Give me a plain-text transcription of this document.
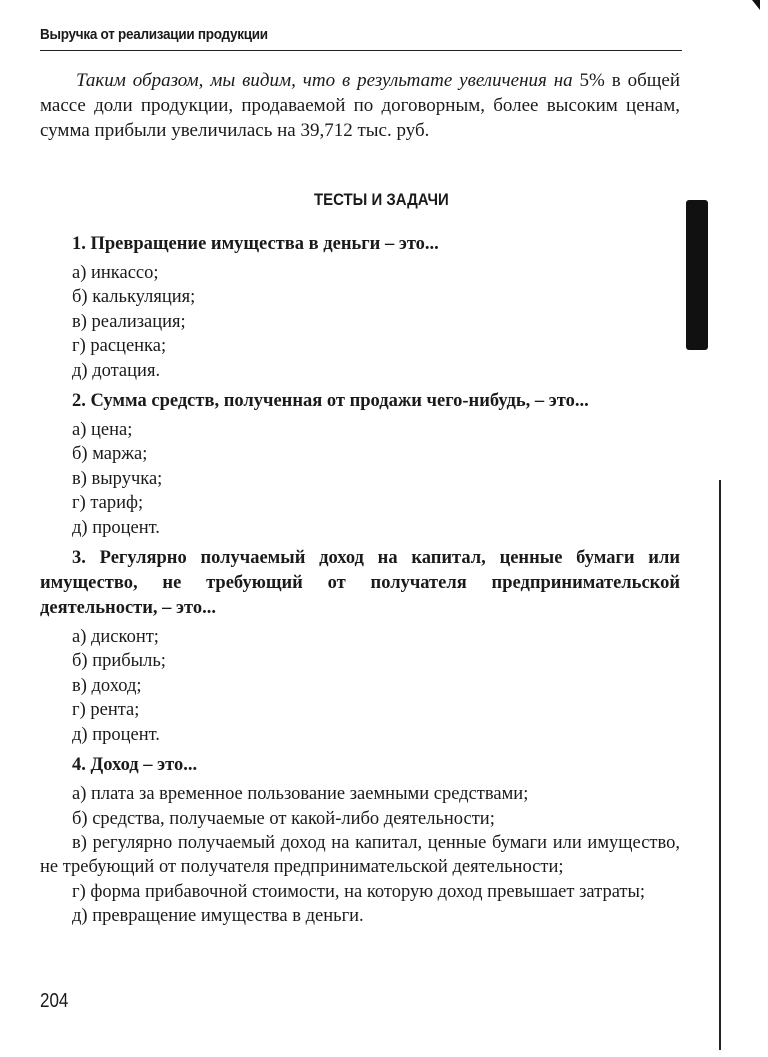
Выручка от реализации продукции

Таким образом, мы видим, что в результате увеличения на 5% в общей массе доли продукции, продаваемой по договорным, более высоким ценам, сумма прибыли увеличилась на 39,712 тыс. руб.

ТЕСТЫ И ЗАДАЧИ

1. Превращение имущества в деньги – это...

а) инкассо;
б) калькуляция;
в) реализация;
г) расценка;
д) дотация.

2. Сумма средств, полученная от продажи чего-нибудь, – это...

а) цена;
б) маржа;
в) выручка;
г) тариф;
д) процент.

3. Регулярно получаемый доход на капитал, ценные бумаги или имущество, не требующий от получателя предпринимательской деятельности, – это...

а) дисконт;
б) прибыль;
в) доход;
г) рента;
д) процент.

4. Доход – это...

а) плата за временное пользование заемными средствами;
б) средства, получаемые от какой-либо деятельности;
в) регулярно получаемый доход на капитал, ценные бумаги или имущество, не требующий от получателя предпринимательской деятельности;
г) форма прибавочной стоимости, на которую доход превышает затраты;
д) превращение имущества в деньги.
204
